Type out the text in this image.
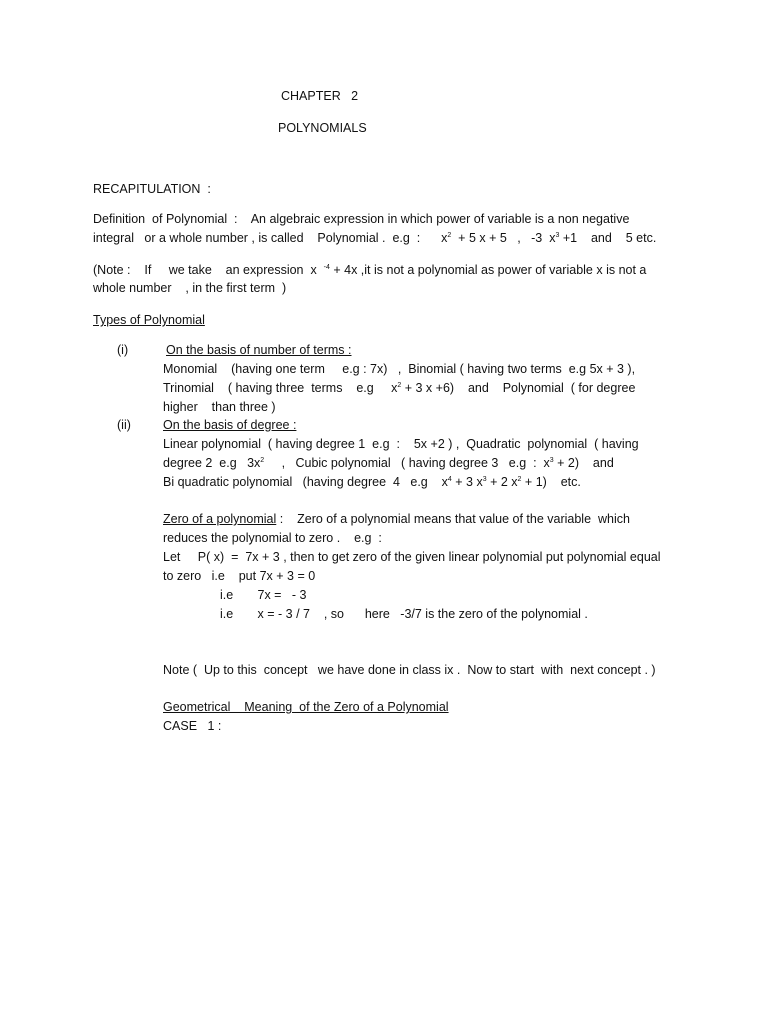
CHAPTER   2
POLYNOMIALS
RECAPITULATION  :
Definition  of Polynomial  : An algebraic expression in which power of variable is a non negative
integral   or a whole number , is called    Polynomial .  e.g  :      $x^2 + 5$ x + 5   ,   -3  $x^3 +1$    and    5 etc.
(Note :    If     we take    an expression  x  $^{-4}$ + 4x ,it is not a polynomial as power of variable x is not a
whole number    , in the first term  )
Types of Polynomial
(i)	On the basis of number of terms :
Monomial    (having one term     e.g : 7x)   ,  Binomial ( having two terms  e.g 5x + 3 ),
Trinomial    ( having three  terms    e.g     $x^2 + 3$ x +6)    and    Polynomial  ( for degree
higher    than three )
(ii)	On the basis of degree :
Linear polynomial  ( having degree 1  e.g  :    5x +2 ) ,  Quadratic  polynomial  ( having
degree 2  e.g   $3x^2$     ,   Cubic polynomial   ( having degree 3   e.g  :  $x^3 + 2$)    and
Bi quadratic polynomial   (having degree  4   e.g    $x^4 + 3$ $x^3 + 2$ $x^2 + 1$)    etc.
Zero of a polynomial : Zero of a polynomial means that value of the variable  which
reduces the polynomial to zero .    e.g  :
Let     P( x)  =  7x + 3 , then to get zero of the given linear polynomial put polynomial equal
to zero   i.e    put 7x + 3 = 0
i.e       7x =   - 3
i.e       x = - 3 / 7    , so      here   -3/7 is the zero of the polynomial .
Note (  Up to this  concept   we have done in class ix .  Now to start  with  next concept . )
Geometrical    Meaning  of the Zero of a Polynomial
CASE   1 :
